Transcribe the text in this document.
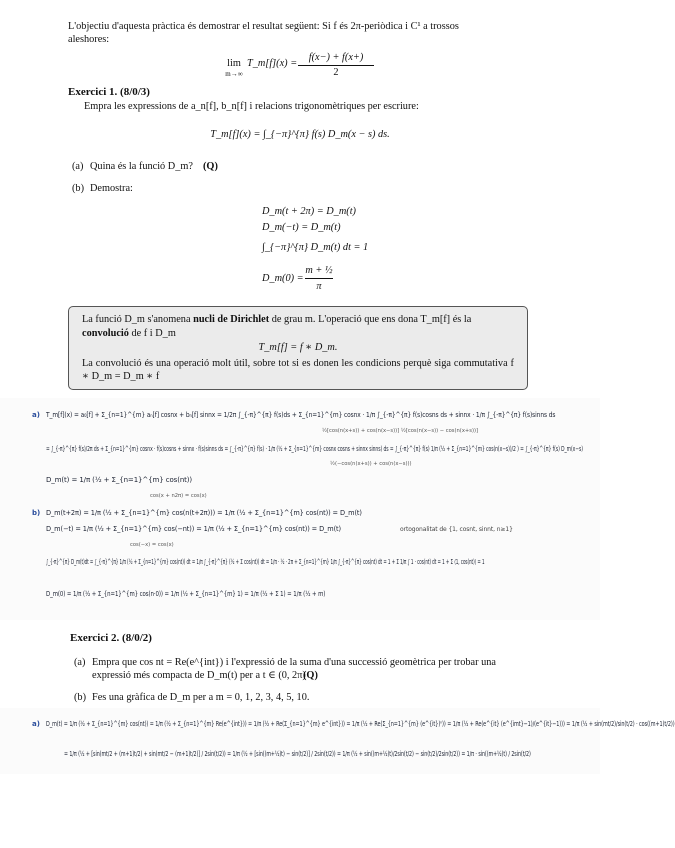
L'objectiu d'aquesta pràctica és demostrar el resultat següent: Si f és 2π-periòdica i C¹ a trossos
aleshores:
lim
m→∞
T_m[f](x) =
f(x−) + f(x+)
2
Exercici 1. (8/0/3)
Empra les expressions de a_n[f], b_n[f] i relacions trigonomètriques per escriure:
T_m[f](x) = ∫_{−π}^{π} f(s) D_m(x − s) ds.
(a) Quina és la funció D_m? (Q)
(b) Demostra:
D_m(t + 2π) = D_m(t)
D_m(−t) = D_m(t)
∫_{−π}^{π} D_m(t) dt = 1
D_m(0) =
m + ½
π
La funció D_m s'anomena nucli de Dirichlet de grau m. L'operació que ens dona T_m[f] és la convolució de f i D_m
T_m[f] = f ∗ D_m.
La convolució és una operació molt útil, sobre tot si es donen les condicions perquè siga commutativa f ∗ D_m = D_m ∗ f
a) T_m[f](x) = a₀[f] + Σ_{n=1}^{m} aₙ[f] cosnx + bₙ[f] sinnx = 1/2π ∫_{-π}^{π} f(s)ds + Σ_{n=1}^{m} cosnx · 1/π ∫_{-π}^{π} f(s)cosns ds + sinnx · 1/π ∫_{-π}^{π} f(s)sinns ds
½[cos(n(x+s)) + cos(n(x−s))] ½[cos(n(x−s)) − cos(n(x+s))]
= ∫_{-π}^{π} f(s)/2π ds + Σ_{n=1}^{m} cosnx · f(s)cosns + sinnx · f(s)sinns ds = ∫_{-π}^{π} f(s) · 1/π (½ + Σ_{n=1}^{m} cosnx cosns + sinnx sinns) ds = ∫_{-π}^{π} f(s) 1/π (½ + Σ_{n=1}^{m} cos(n(x−s))/2 ) = ∫_{-π}^{π} f(s) D_m(x−s)
½(−cos(n(x+s)) + cos(n(x−s)))
D_m(t) = 1/π (½ + Σ_{n=1}^{m} cos(nt))
cos(x + n2π) = cos(x)
b) D_m(t+2π) = 1/π (½ + Σ_{n=1}^{m} cos(n(t+2π))) = 1/π (½ + Σ_{n=1}^{m} cos(nt)) = D_m(t)
D_m(−t) = 1/π (½ + Σ_{n=1}^{m} cos(−nt)) = 1/π (½ + Σ_{n=1}^{m} cos(nt)) = D_m(t)
cos(−x) = cos(x)
ortogonalitat de {1, cosnt, sinnt, n≥1}
∫_{-π}^{π} D_m(t)dt = ∫_{-π}^{π} 1/π (½ + Σ_{n=1}^{m} cos(nt)) dt = 1/π ∫_{-π}^{π} (½ + Σ cos(nt)) dt = 1/π · ½ · 2π + Σ_{n=1}^{m} 1/π ∫_{-π}^{π} cos(nt) dt = 1 + Σ 1/π ∫ 1 · cos(nt) dt = 1 + Σ ⟨1, cos(nt)⟩ = 1
D_m(0) = 1/π (½ + Σ_{n=1}^{m} cos(n·0)) = 1/π (½ + Σ_{n=1}^{m} 1) = 1/π (½ + Σ 1) = 1/π (½ + m)
Exercici 2. (8/0/2)
(a) Empra que cos nt = Re(e^{int}) i l'expressió de la suma d'una successió geomètrica per trobar una
expressió més compacta de D_m(t) per a t ∈ (0, 2π)
(Q)
(b) Fes una gràfica de D_m per a m = 0, 1, 2, 3, 4, 5, 10.
a) D_m(t) = 1/π (½ + Σ_{n=1}^{m} cos(nt)) = 1/π (½ + Σ_{n=1}^{m} Re(e^{int})) = 1/π (½ + Re(Σ_{n=1}^{m} e^{int})) = 1/π (½ + Re(Σ_{n=1}^{m} (e^{it})ⁿ)) = 1/π (½ + Re(e^{it} (e^{imt}−1)/(e^{it}−1))) = 1/π (½ + sin(mt/2)/sin(t/2) · cos((m+1)t/2))
= 1/π (½ + [sin(mt/2 + (m+1)t/2) + sin(mt/2 − (m+1)t/2)] / 2sin(t/2)) = 1/π (½ + [sin((m+½)t) − sin(t/2)] / 2sin(t/2)) = 1/π (½ + sin((m+½)t)/2sin(t/2) − sin(t/2)/2sin(t/2)) = 1/π · sin((m+½)t) / 2sin(t/2)
